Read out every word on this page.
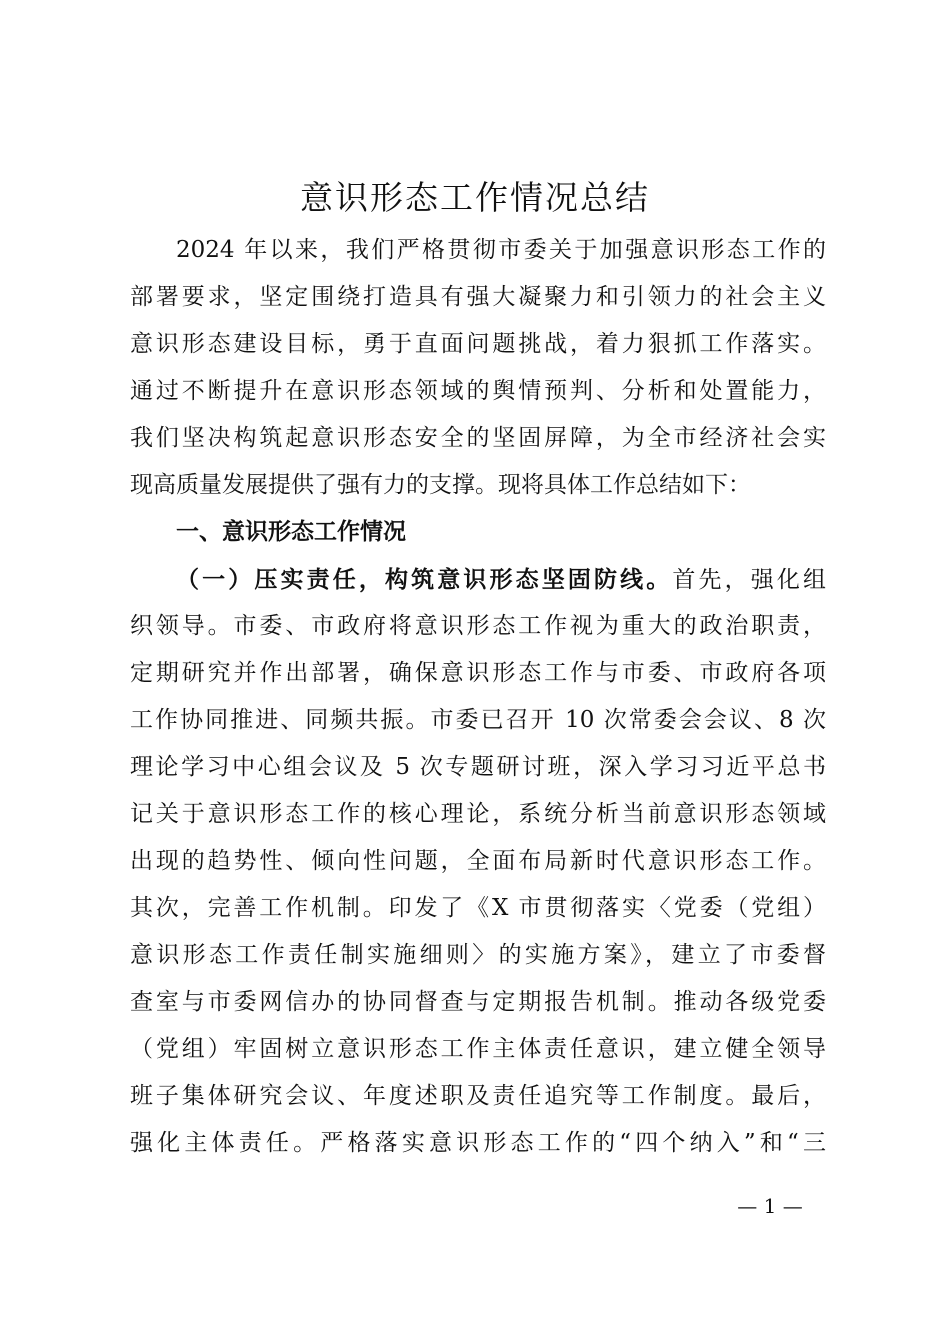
意识形态工作情况总结
2024 年以来，我们严格贯彻市委关于加强意识形态工作的
部署要求，坚定围绕打造具有强大凝聚力和引领力的社会主义
意识形态建设目标，勇于直面问题挑战，着力狠抓工作落实。
通过不断提升在意识形态领域的舆情预判、分析和处置能力，
我们坚决构筑起意识形态安全的坚固屏障，为全市经济社会实
现高质量发展提供了强有力的支撑。现将具体工作总结如下：
一、意识形态工作情况
（一）压实责任，构筑意识形态坚固防线。首先，强化组
织领导。市委、市政府将意识形态工作视为重大的政治职责，
定期研究并作出部署，确保意识形态工作与市委、市政府各项
工作协同推进、同频共振。市委已召开 10 次常委会会议、8 次
理论学习中心组会议及 5 次专题研讨班，深入学习习近平总书
记关于意识形态工作的核心理论，系统分析当前意识形态领域
出现的趋势性、倾向性问题，全面布局新时代意识形态工作。
其次，完善工作机制。印发了《X 市贯彻落实〈党委（党组）
意识形态工作责任制实施细则〉的实施方案》，建立了市委督
查室与市委网信办的协同督查与定期报告机制。推动各级党委
（党组）牢固树立意识形态工作主体责任意识，建立健全领导
班子集体研究会议、年度述职及责任追究等工作制度。最后，
强化主体责任。严格落实意识形态工作的“四个纳入”和“三
— 1 —
